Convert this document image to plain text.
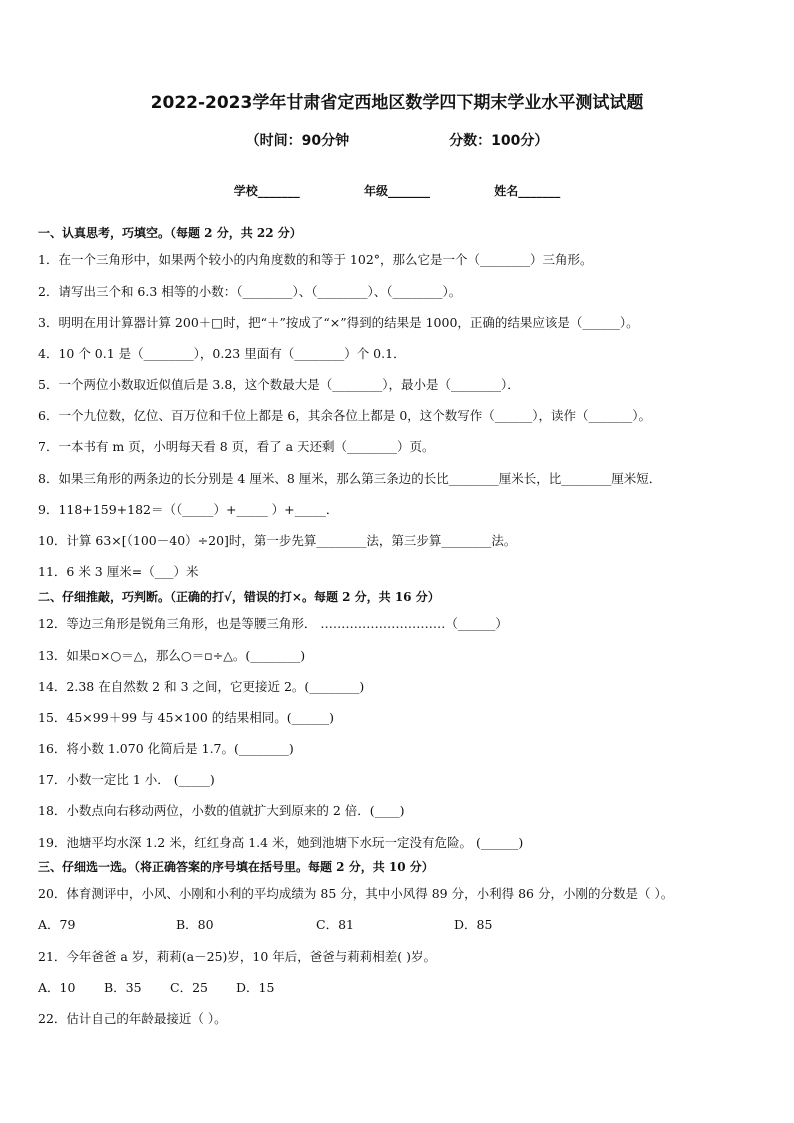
2022-2023学年甘肃省定西地区数学四下期末学业水平测试试题
（时间：90分钟	分数：100分）
学校_______	年级_______	姓名_______
一、认真思考，巧填空。（每题 2 分，共 22 分）
1．在一个三角形中，如果两个较小的内角度数的和等于 102°，那么它是一个（________）三角形。
2．请写出三个和 6.3 相等的小数：（________）、（________）、（________）。
3．明明在用计算器计算 200＋□时，把“＋”按成了“×”得到的结果是 1000，正确的结果应该是（______）。
4．10 个 0.1 是（________），0.23 里面有（________）个 0.1．
5．一个两位小数取近似值后是 3.8，这个数最大是（________），最小是（________）．
6．一个九位数，亿位、百万位和千位上都是 6，其余各位上都是 0，这个数写作（______），读作（_______）。
7．一本书有 m 页，小明每天看 8 页，看了 a 天还剩（________）页。
8．如果三角形的两条边的长分别是 4 厘米、8 厘米，那么第三条边的长比________厘米长，比________厘米短．
9．118+159+182＝（（_____）+_____ ）+_____．
10．计算 63×[（100－40）÷20]时，第一步先算________法，第三步算________法。
11．6 米 3 厘米=（___）米
二、仔细推敲，巧判断。（正确的打√，错误的打×。每题 2 分，共 16 分）
12．等边三角形是锐角三角形，也是等腰三角形． …………………………（______）
13．如果▫×○＝△，那么○＝▫÷△。(________)
14．2.38 在自然数 2 和 3 之间，它更接近 2。(________)
15．45×99＋99 与 45×100 的结果相同。(______)
16．将小数 1.070 化简后是 1.7。(________)
17．小数一定比 1 小． (_____)
18．小数点向右移动两位，小数的值就扩大到原来的 2 倍．(____)
19．池塘平均水深 1.2 米，红红身高 1.4 米，她到池塘下水玩一定没有危险。 (______)
三、仔细选一选。（将正确答案的序号填在括号里。每题 2 分，共 10 分）
20．体育测评中，小风、小刚和小利的平均成绩为 85 分，其中小风得 89 分，小利得 86 分，小刚的分数是（ ）。
A．79	B．80	C．81	D．85
21．今年爸爸 a 岁，莉莉(a－25)岁，10 年后，爸爸与莉莉相差( )岁。
A．10 B．35 C．25 D．15
22．估计自己的年龄最接近（ ）。
